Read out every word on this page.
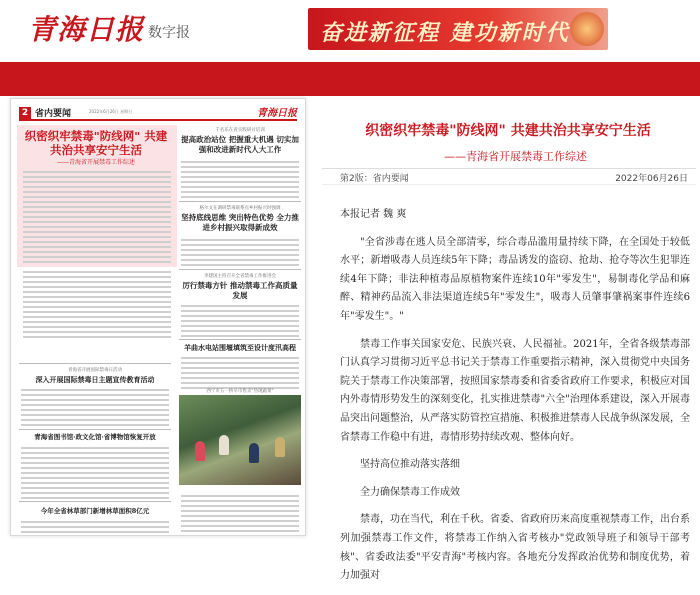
青海日报 数字报	奋进新征程 建功新时代
2 省内要闻	2022年6月26日 星期日	青海日报
织密织牢禁毒"防线网" 共建共治共享安宁生活
——青海省开展禁毒工作综述
千名乐在青实践研讨培训
提高政治站位 把握重大机遇 切实加强和改进新时代人大工作
格尔文在调研禁毒联系点乡村振兴时强调
坚持底线思维 突出特色优势 全力推进乡村振兴取得新成效
李建国主持召开全省禁毒工作推进会
厉行禁毒方针 推动禁毒工作高质量发展
羊曲水电站围堰填筑至设计度汛高程
西宁市五一桥早市售卖"热现蔬菜"
青海省开展国际禁毒日活动
深入开展国际禁毒日主题宣传教育活动
青海省图书馆·政文化馆·省博物馆恢复开放
今年全省林草部门新增林草面积8亿元
织密织牢禁毒"防线网" 共建共治共享安宁生活
——青海省开展禁毒工作综述
第2版：省内要闻	2022年06月26日

本报记者 魏 爽

"全省涉毒在逃人员全部清零，综合毒品滥用量持续下降，在全国处于较低水平；新增吸毒人员连续5年下降；毒品诱发的盗窃、抢劫、抢夺等次生犯罪连续4年下降；非法种植毒品原植物案件连续10年"零发生"，易制毒化学品和麻醉、精神药品流入非法渠道连续5年"零发生"，吸毒人员肇事肇祸案事件连续6年"零发生"。"

禁毒工作事关国家安危、民族兴衰、人民福祉。2021年，全省各级禁毒部门认真学习贯彻习近平总书记关于禁毒工作重要指示精神，深入贯彻党中央国务院关于禁毒工作决策部署，按照国家禁毒委和省委省政府工作要求，积极应对国内外毒情形势发生的深刻变化，扎实推进禁毒"六全"治理体系建设，深入开展毒品突出问题整治，从严落实防管控宣措施、积极推进禁毒人民战争纵深发展，全省禁毒工作稳中有进，毒情形势持续改观、整体向好。

坚持高位推动落实落细

全力确保禁毒工作成效

禁毒，功在当代，利在千秋。省委、省政府历来高度重视禁毒工作，出台系列加强禁毒工作文件，将禁毒工作纳入省考核办"党政领导班子和领导干部考核"、省委政法委"平安青海"考核内容。各地充分发挥政治优势和制度优势，着力加强对
